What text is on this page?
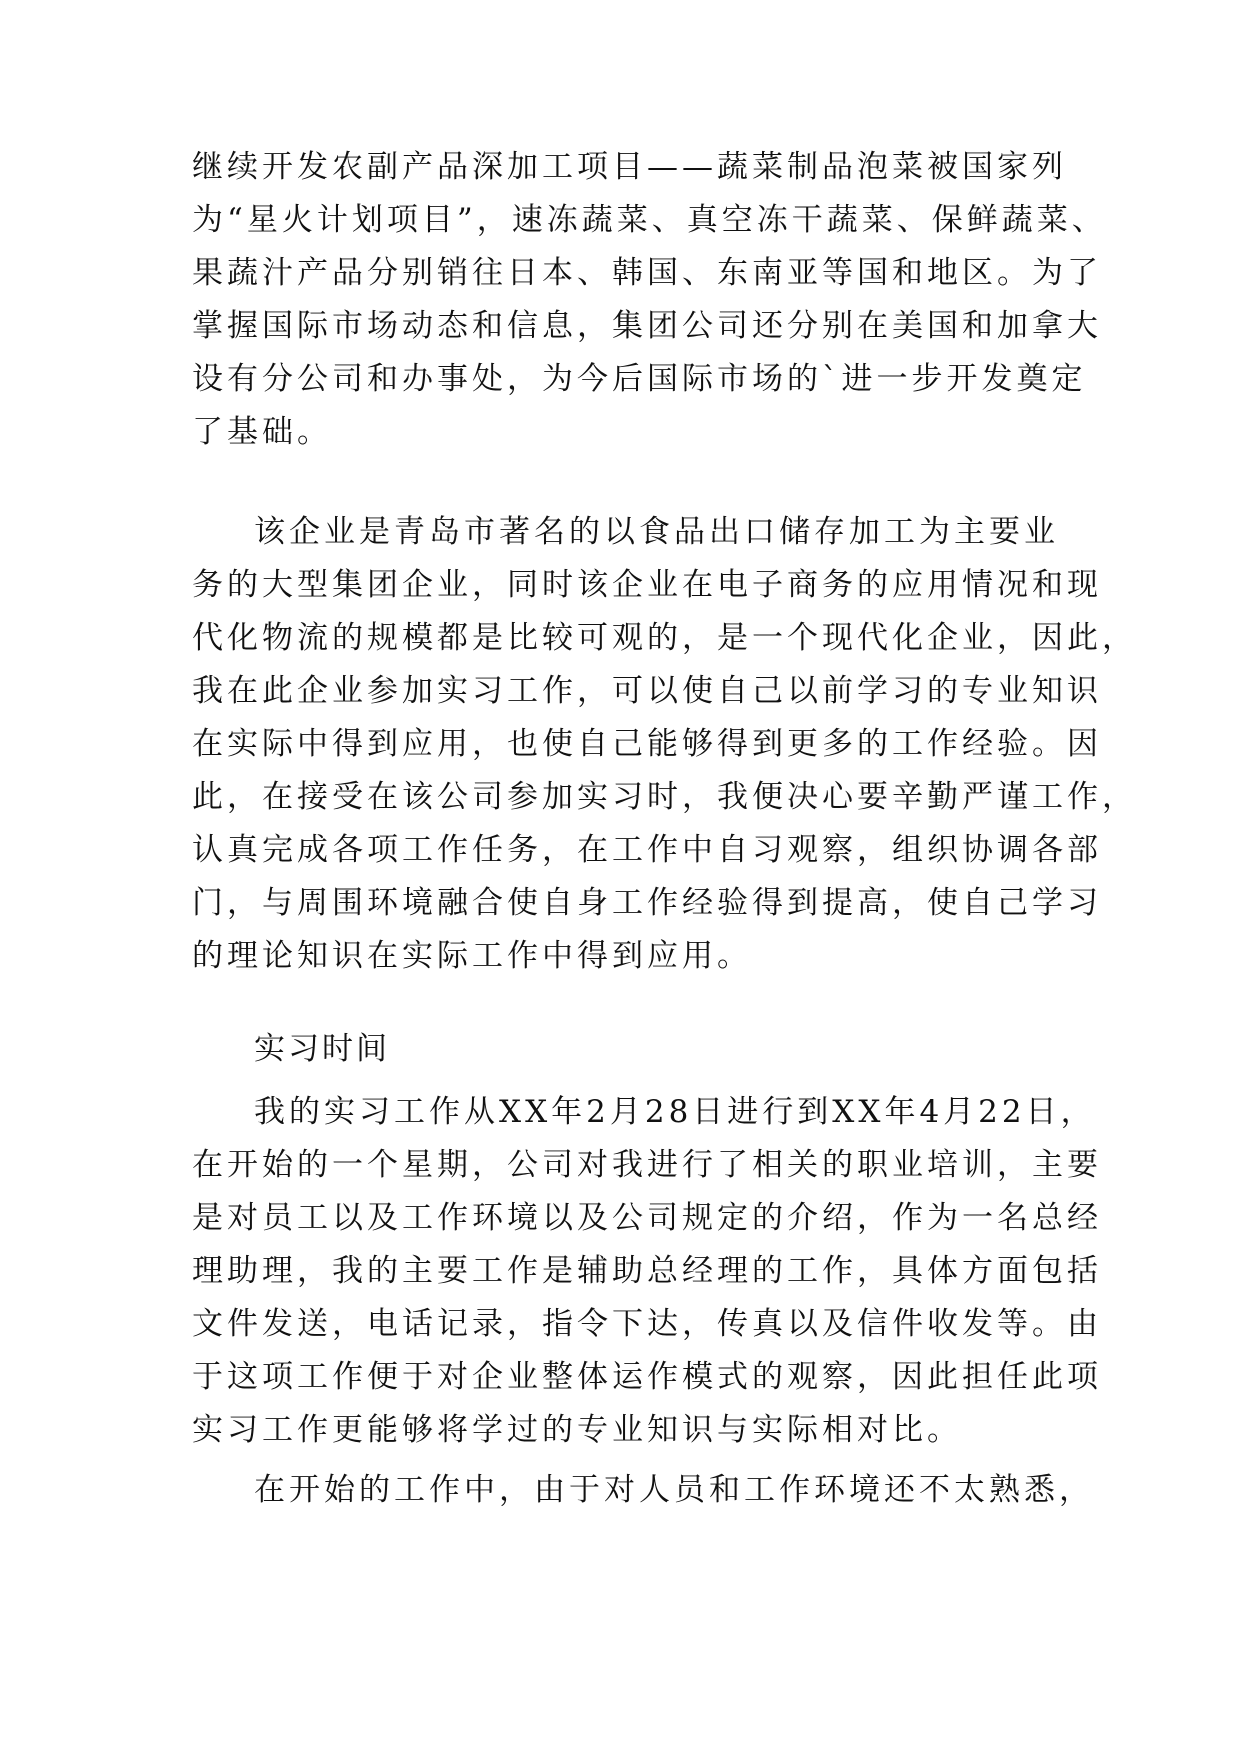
继续开发农副产品深加工项目——蔬菜制品泡菜被国家列
为“星火计划项目”，速冻蔬菜、真空冻干蔬菜、保鲜蔬菜、
果蔬汁产品分别销往日本、韩国、东南亚等国和地区。为了
掌握国际市场动态和信息，集团公司还分别在美国和加拿大
设有分公司和办事处，为今后国际市场的`进一步开发奠定
了基础。
该企业是青岛市著名的以食品出口储存加工为主要业
务的大型集团企业，同时该企业在电子商务的应用情况和现
代化物流的规模都是比较可观的，是一个现代化企业，因此，
我在此企业参加实习工作，可以使自己以前学习的专业知识
在实际中得到应用，也使自己能够得到更多的工作经验。因
此，在接受在该公司参加实习时，我便决心要辛勤严谨工作，
认真完成各项工作任务，在工作中自习观察，组织协调各部
门，与周围环境融合使自身工作经验得到提高，使自己学习
的理论知识在实际工作中得到应用。
实习时间
我的实习工作从XX年2月28日进行到XX年4月22日，
在开始的一个星期，公司对我进行了相关的职业培训，主要
是对员工以及工作环境以及公司规定的介绍，作为一名总经
理助理，我的主要工作是辅助总经理的工作，具体方面包括
文件发送，电话记录，指令下达，传真以及信件收发等。由
于这项工作便于对企业整体运作模式的观察，因此担任此项
实习工作更能够将学过的专业知识与实际相对比。
在开始的工作中，由于对人员和工作环境还不太熟悉，
